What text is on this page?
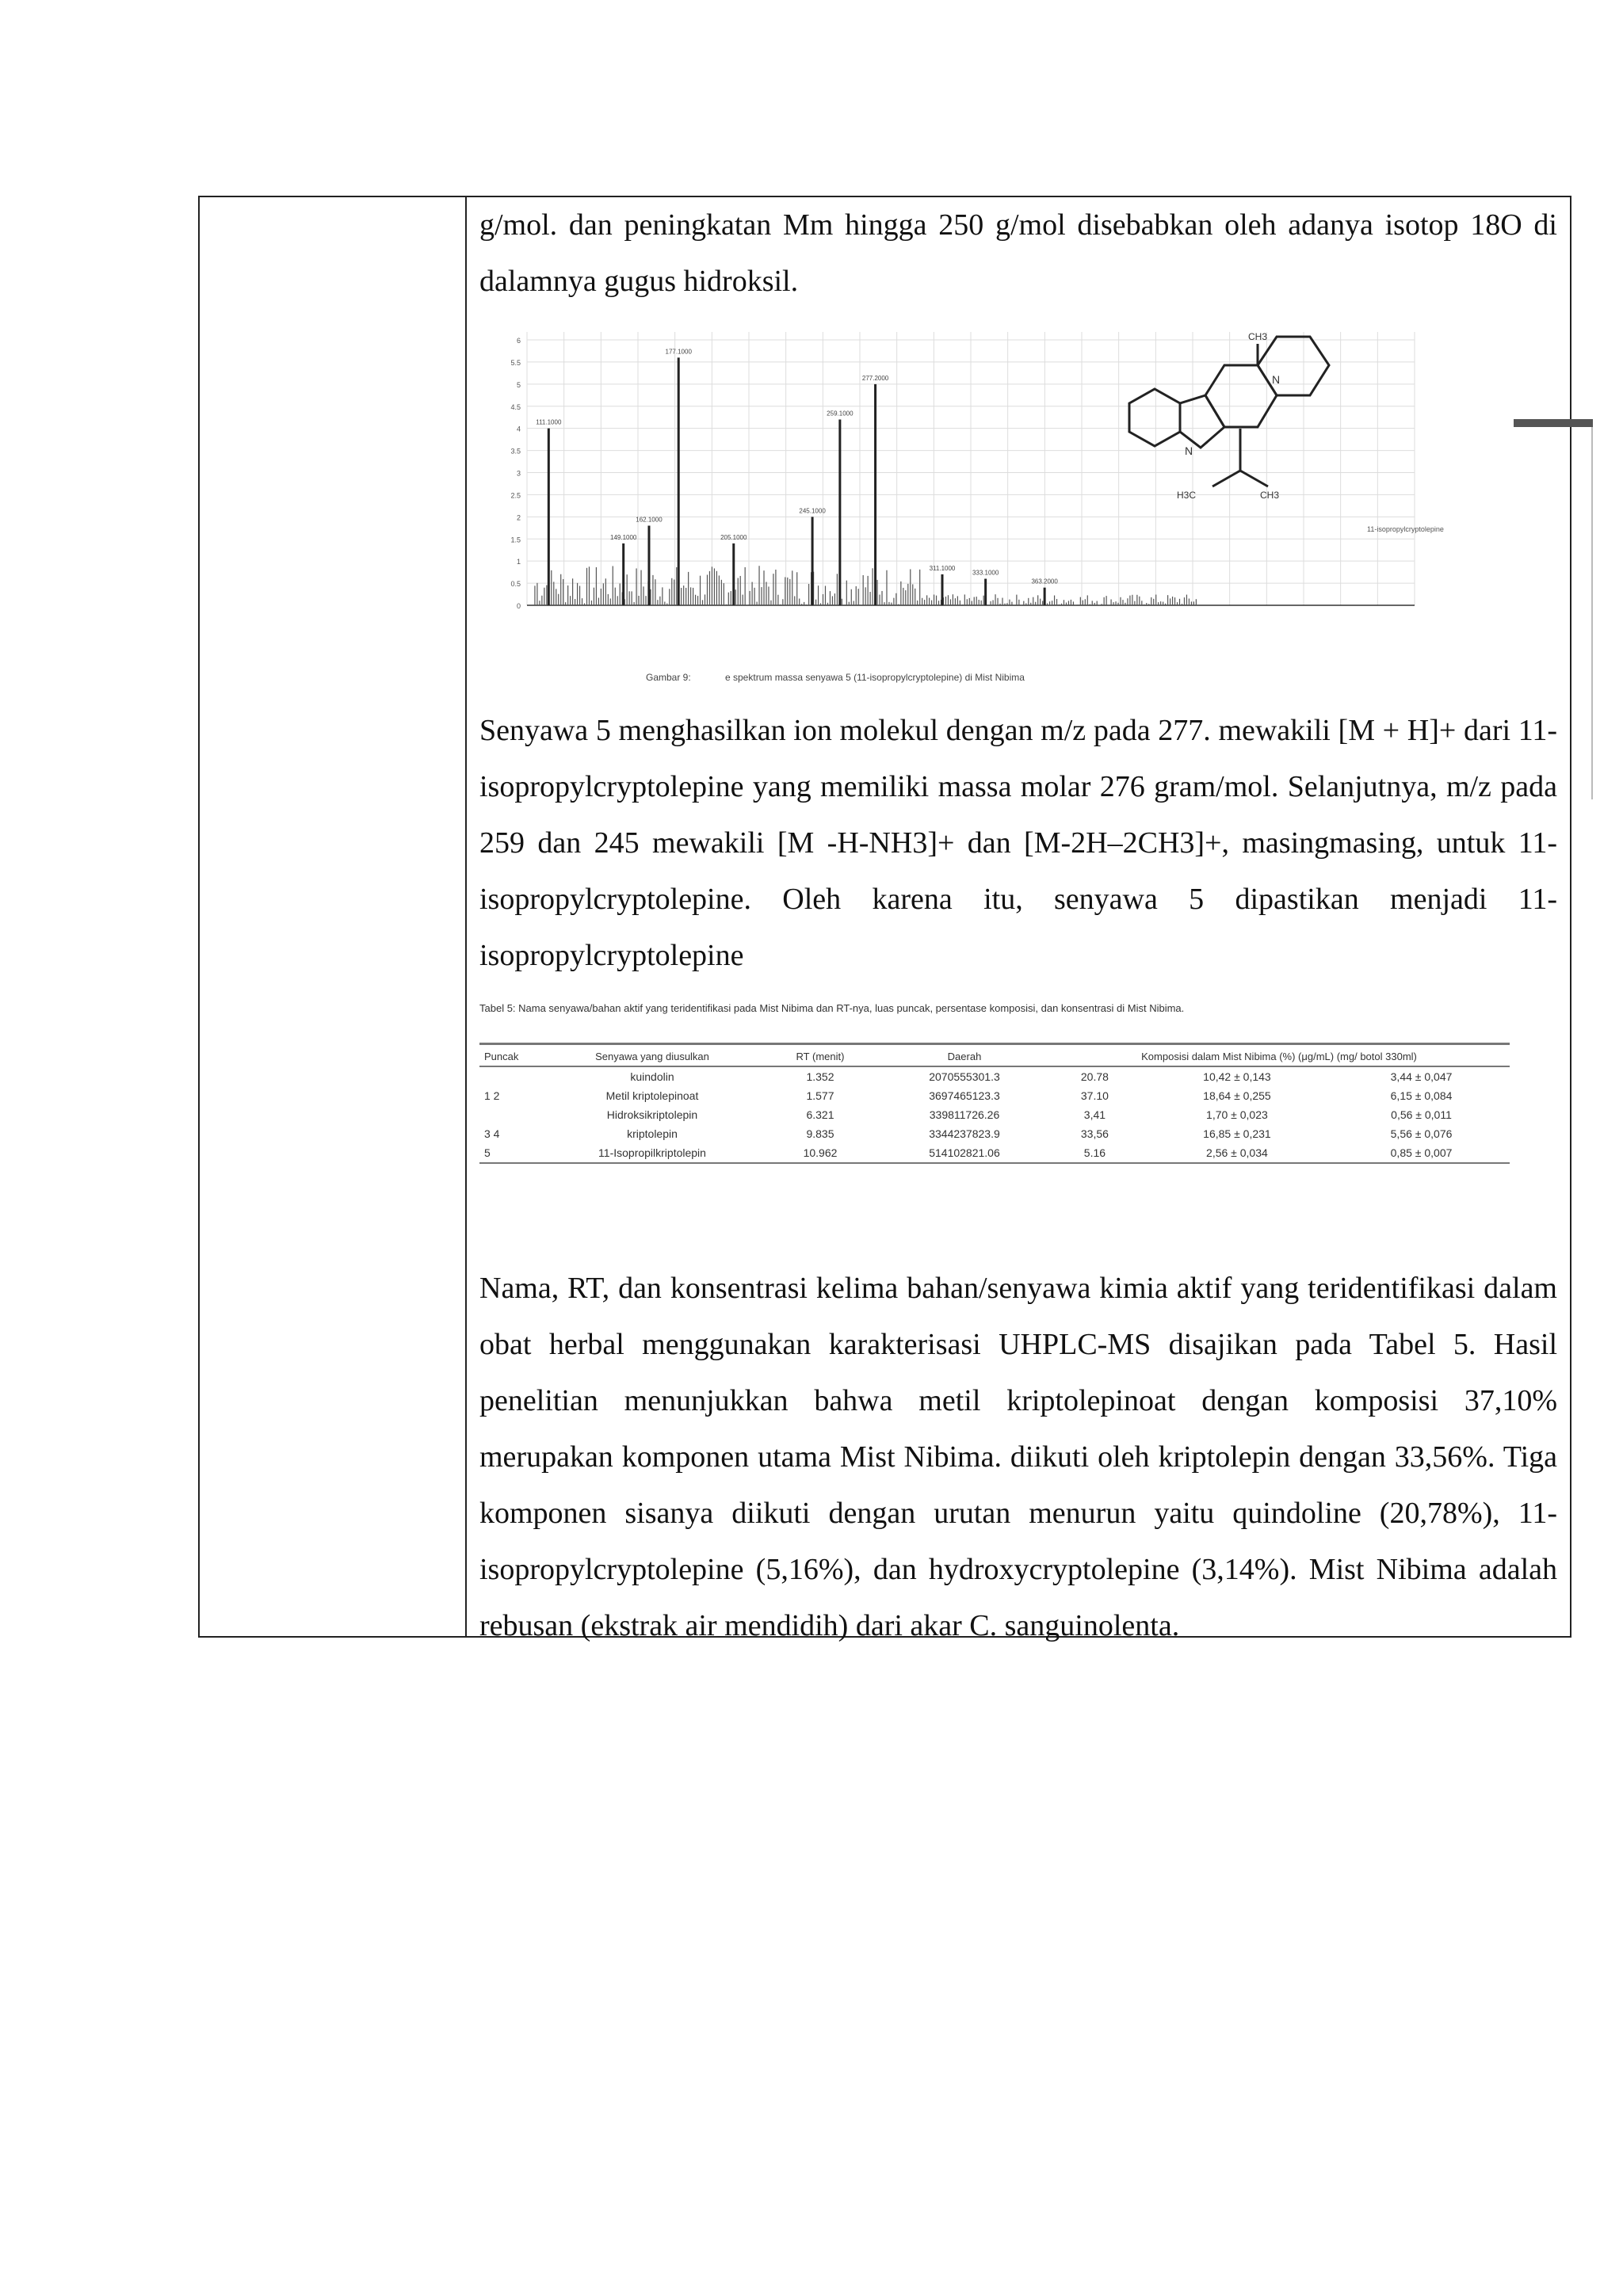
g/mol. dan peningkatan Mm hingga 250 g/mol disebabkan oleh adanya isotop 18O di dalamnya gugus hidroksil.

6
5.5
5
4.5
4
3.5
3
2.5
2
1.5
1
0.5
0
111.1000
149.1000
162.1000
177.1000
205.1000
245.1000
259.1000
277.2000
311.1000
333.1000
363.2000
N
CH3
N
H3C	CH3
11-isopropylcryptolepine
Gambar 9:	e spektrum massa senyawa 5 (11-isopropylcryptolepine) di Mist Nibima

Senyawa 5 menghasilkan ion molekul dengan m/z pada 277. mewakili [M + H]+ dari 11-isopropylcryptolepine yang memiliki massa molar 276 gram/mol. Selanjutnya, m/z pada 259 dan 245 mewakili [M -H-NH3]+ dan [M-2H–2CH3]+, masingmasing, untuk 11-isopropylcryptolepine. Oleh karena itu, senyawa 5 dipastikan menjadi 11-isopropylcryptolepine

Tabel 5: Nama senyawa/bahan aktif yang teridentifikasi pada Mist Nibima dan RT-nya, luas puncak, persentase komposisi, dan konsentrasi di Mist Nibima.
Puncak	Senyawa yang diusulkan	RT (menit)	Daerah	Komposisi dalam Mist Nibima (%) (μg/mL) (mg/ botol 330ml)		
	kuindolin	1.352	2070555301.3	20.78	10,42 ± 0,143	3,44 ± 0,047
1 2	Metil kriptolepinoat	1.577	3697465123.3	37.10	18,64 ± 0,255	6,15 ± 0,084
	Hidroksikriptolepin	6.321	339811726.26	3,41	1,70 ± 0,023	0,56 ± 0,011
3 4	kriptolepin	9.835	3344237823.9	33,56	16,85 ± 0,231	5,56 ± 0,076
5	11-Isopropilkriptolepin	10.962	514102821.06	5.16	2,56 ± 0,034	0,85 ± 0,007

Nama, RT, dan konsentrasi kelima bahan/senyawa kimia aktif yang teridentifikasi dalam obat herbal menggunakan karakterisasi UHPLC-MS disajikan pada Tabel 5. Hasil penelitian menunjukkan bahwa metil kriptolepinoat dengan komposisi 37,10% merupakan komponen utama Mist Nibima. diikuti oleh kriptolepin dengan 33,56%. Tiga komponen sisanya diikuti dengan urutan menurun yaitu quindoline (20,78%), 11- isopropylcryptolepine (5,16%), dan hydroxycryptolepine (3,14%). Mist Nibima adalah rebusan (ekstrak air mendidih) dari akar C. sanguinolenta.
